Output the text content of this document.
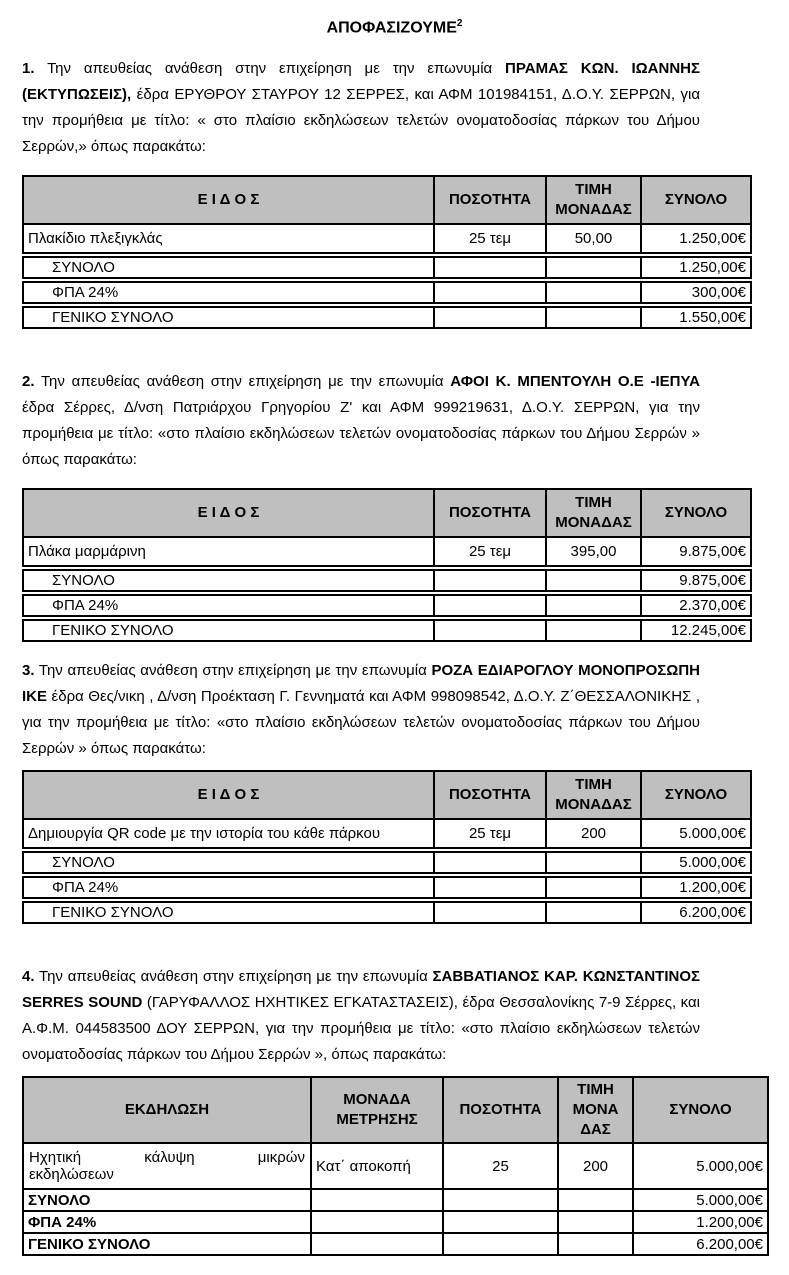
ΑΠΟΦΑΣΙΖΟΥΜΕ$^2$

1. Την απευθείας ανάθεση στην επιχείρηση με την επωνυμία ΠΡΑΜΑΣ ΚΩΝ. ΙΩΑΝΝΗΣ (ΕΚΤΥΠΩΣΕΙΣ), έδρα ΕΡΥΘΡΟΥ ΣΤΑΥΡΟΥ 12 ΣΕΡΡΕΣ, και ΑΦΜ 101984151, Δ.Ο.Υ. ΣΕΡΡΩΝ, για την προμήθεια με τίτλο: « στο πλαίσιο εκδηλώσεων τελετών ονοματοδοσίας πάρκων του Δήμου Σερρών,» όπως παρακάτω:

Ε Ι Δ Ο Σ	ΠΟΣΟΤΗΤΑ	ΤΙΜΗ ΜΟΝΑΔΑΣ	ΣΥΝΟΛΟ
Πλακίδιο πλεξιγκλάς	25 τεμ	50,00	1.250,00€
ΣΥΝΟΛΟ			1.250,00€
ΦΠΑ 24%			300,00€
ΓΕΝΙΚΟ ΣΥΝΟΛΟ			1.550,00€

2. Την απευθείας ανάθεση στην επιχείρηση με την επωνυμία ΑΦΟΙ Κ. ΜΠΕΝΤΟΥΛΗ Ο.Ε -ΙΕΠΥΑ έδρα Σέρρες, Δ/νση Πατριάρχου Γρηγορίου Ζ' και ΑΦΜ 999219631, Δ.Ο.Υ. ΣΕΡΡΩΝ, για την προμήθεια με τίτλο: «στο πλαίσιο εκδηλώσεων τελετών ονοματοδοσίας πάρκων του Δήμου Σερρών » όπως παρακάτω:

Ε Ι Δ Ο Σ	ΠΟΣΟΤΗΤΑ	ΤΙΜΗ ΜΟΝΑΔΑΣ	ΣΥΝΟΛΟ
Πλάκα μαρμάρινη	25 τεμ	395,00	9.875,00€
ΣΥΝΟΛΟ			9.875,00€
ΦΠΑ 24%			2.370,00€
ΓΕΝΙΚΟ ΣΥΝΟΛΟ			12.245,00€

3. Την απευθείας ανάθεση στην επιχείρηση με την επωνυμία ΡΟΖΑ ΕΔΙΑΡΟΓΛΟΥ ΜΟΝΟΠΡΟΣΩΠΗ ΙΚΕ έδρα Θες/νικη , Δ/νση Προέκταση Γ. Γεννηματά και ΑΦΜ 998098542, Δ.Ο.Υ. Ζ΄ΘΕΣΣΑΛΟΝΙΚΗΣ , για την προμήθεια με τίτλο: «στο πλαίσιο εκδηλώσεων τελετών ονοματοδοσίας πάρκων του Δήμου Σερρών » όπως παρακάτω:

Ε Ι Δ Ο Σ	ΠΟΣΟΤΗΤΑ	ΤΙΜΗ ΜΟΝΑΔΑΣ	ΣΥΝΟΛΟ
Δημιουργία QR code με την ιστορία του κάθε πάρκου	25 τεμ	200	5.000,00€
ΣΥΝΟΛΟ			5.000,00€
ΦΠΑ 24%			1.200,00€
ΓΕΝΙΚΟ ΣΥΝΟΛΟ			6.200,00€

4. Την απευθείας ανάθεση στην επιχείρηση με την επωνυμία ΣΑΒΒΑΤΙΑΝΟΣ ΚΑΡ. ΚΩΝΣΤΑΝΤΙΝΟΣ SERRES SOUND (ΓΑΡΥΦΑΛΛΟΣ ΗΧΗΤΙΚΕΣ ΕΓΚΑΤΑΣΤΑΣΕΙΣ), έδρα Θεσσαλονίκης 7-9 Σέρρες, και Α.Φ.Μ. 044583500 ΔΟΥ ΣΕΡΡΩΝ, για την προμήθεια με τίτλο: «στο πλαίσιο εκδηλώσεων τελετών ονοματοδοσίας πάρκων του Δήμου Σερρών », όπως παρακάτω:

ΕΚΔΗΛΩΣΗ	ΜΟΝΑΔΑ ΜΕΤΡΗΣΗΣ	ΠΟΣΟΤΗΤΑ	ΤΙΜΗ ΜΟΝΑ ΔΑΣ	ΣΥΝΟΛΟ

Ηχητική κάλυψη μικρών
εκδηλώσεων	Κατ΄ αποκοπή	25	200	5.000,00€
ΣΥΝΟΛΟ				5.000,00€
ΦΠΑ 24%				1.200,00€
ΓΕΝΙΚΟ ΣΥΝΟΛΟ				6.200,00€
